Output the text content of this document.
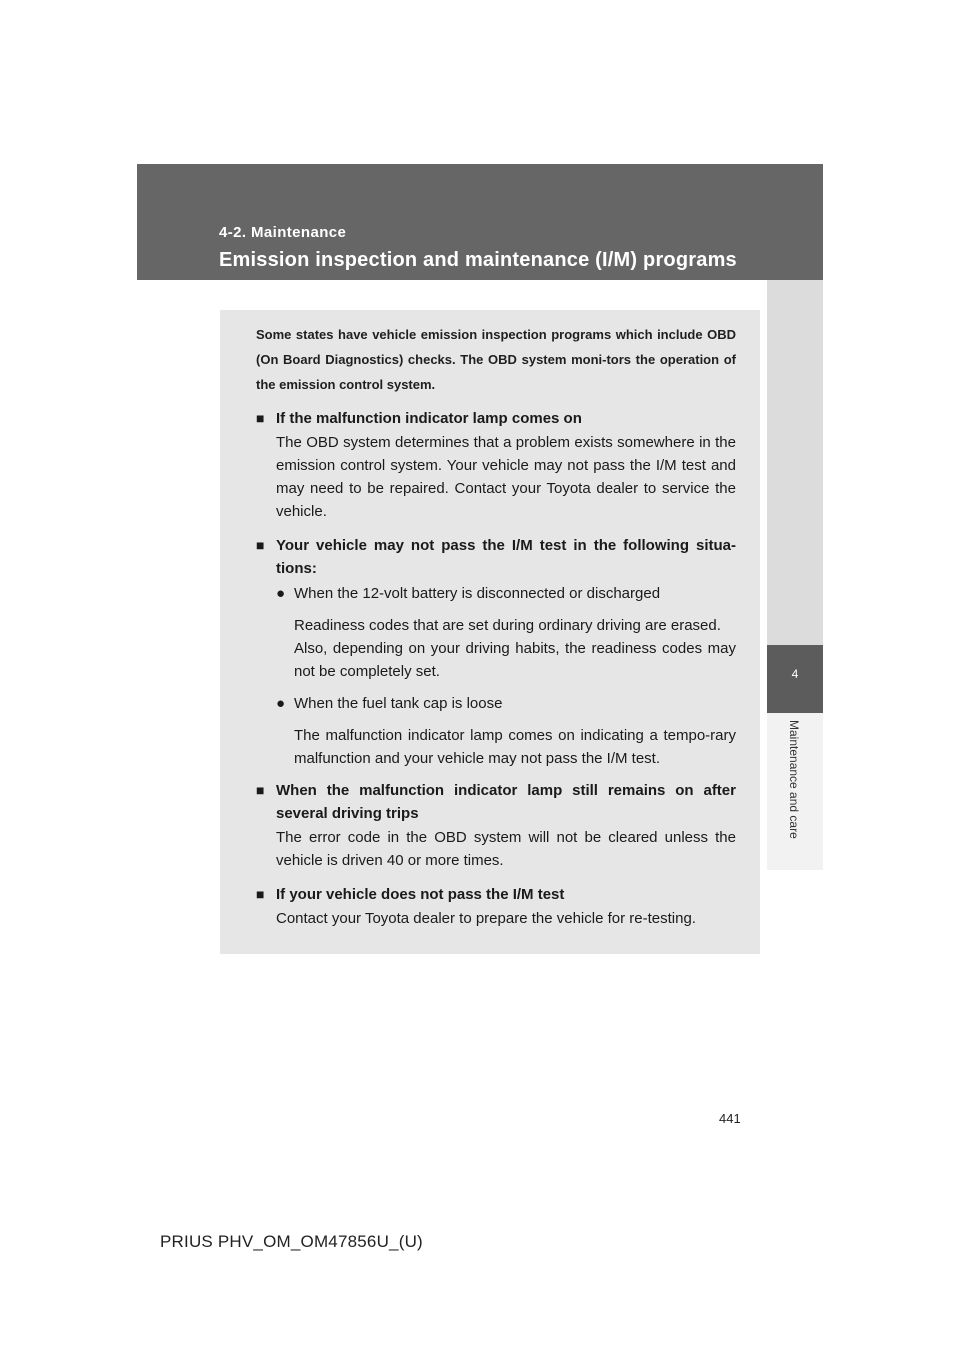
4-2. Maintenance
Emission inspection and maintenance (I/M) programs
4
Maintenance and care

Some states have vehicle emission inspection programs which include OBD (On Board Diagnostics) checks. The OBD system moni-tors the operation of the emission control system.

■ If the malfunction indicator lamp comes on

The OBD system determines that a problem exists somewhere in the emission control system. Your vehicle may not pass the I/M test and may need to be repaired. Contact your Toyota dealer to service the vehicle.

■ Your vehicle may not pass the I/M test in the following situa-tions:

● When the 12-volt battery is disconnected or discharged

Readiness codes that are set during ordinary driving are erased.
Also, depending on your driving habits, the readiness codes may not be completely set.

● When the fuel tank cap is loose

The malfunction indicator lamp comes on indicating a tempo-rary malfunction and your vehicle may not pass the I/M test.

■ When the malfunction indicator lamp still remains on after several driving trips

The error code in the OBD system will not be cleared unless the vehicle is driven 40 or more times.

■ If your vehicle does not pass the I/M test

Contact your Toyota dealer to prepare the vehicle for re-testing.

441
PRIUS PHV_OM_OM47856U_(U)
